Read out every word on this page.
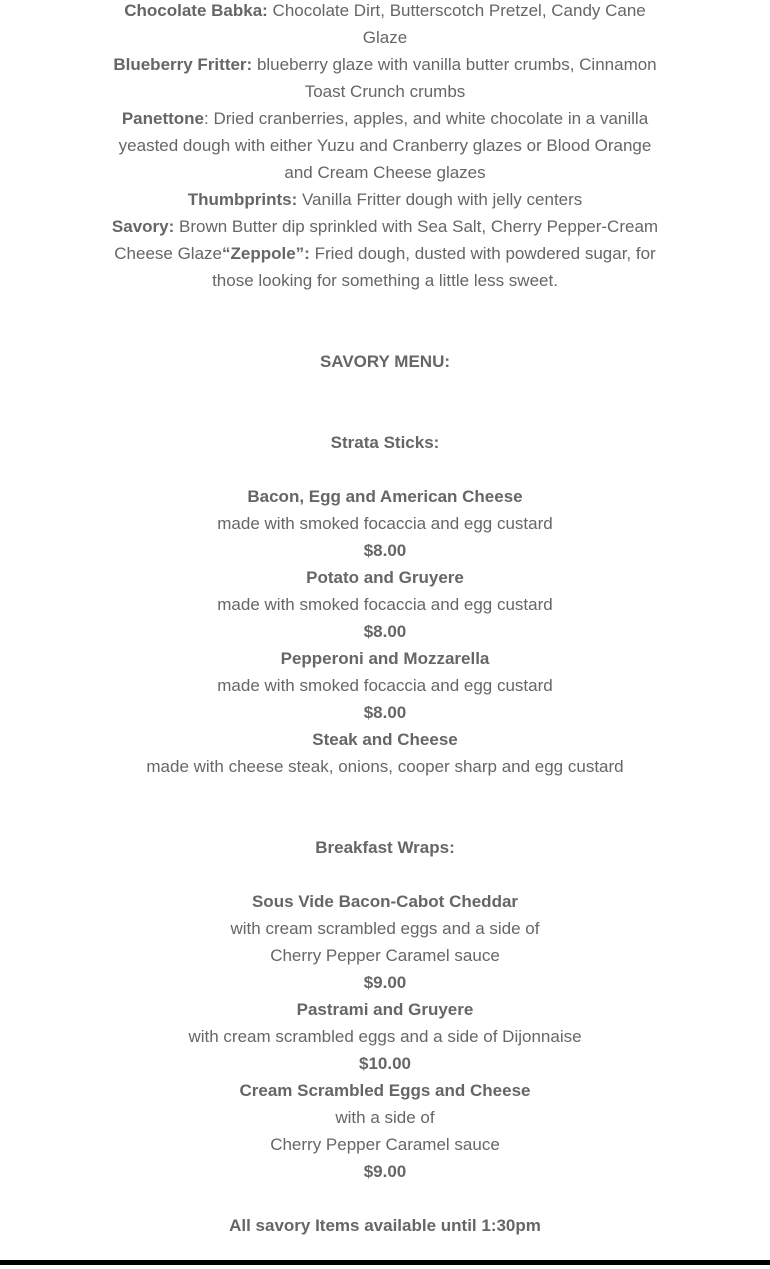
Chocolate Babka: Chocolate Dirt, Butterscotch Pretzel, Candy Cane
Glaze

Blueberry Fritter: blueberry glaze with vanilla butter crumbs, Cinnamon
Toast Crunch crumbs

Panettone: Dried cranberries, apples, and white chocolate in a vanilla
yeasted dough with either Yuzu and Cranberry glazes or Blood Orange
and Cream Cheese glazes

Thumbprints: Vanilla Fritter dough with jelly centers

Savory: Brown Butter dip sprinkled with Sea Salt, Cherry Pepper-Cream
Cheese Glaze“Zeppole”: Fried dough, dusted with powdered sugar, for
those looking for something a little less sweet.

SAVORY MENU:

Strata Sticks:

Bacon, Egg and American Cheese

made with smoked focaccia and egg custard

$8.00

Potato and Gruyere

made with smoked focaccia and egg custard

$8.00

Pepperoni and Mozzarella

made with smoked focaccia and egg custard

$8.00

Steak and Cheese

made with cheese steak, onions, cooper sharp and egg custard

Breakfast Wraps:

Sous Vide Bacon-Cabot Cheddar

with cream scrambled eggs and a side of
Cherry Pepper Caramel sauce

$9.00

Pastrami and Gruyere

with cream scrambled eggs and a side of Dijonnaise

$10.00

Cream Scrambled Eggs and Cheese

with a side of
Cherry Pepper Caramel sauce

$9.00

All savory Items available until 1:30pm
